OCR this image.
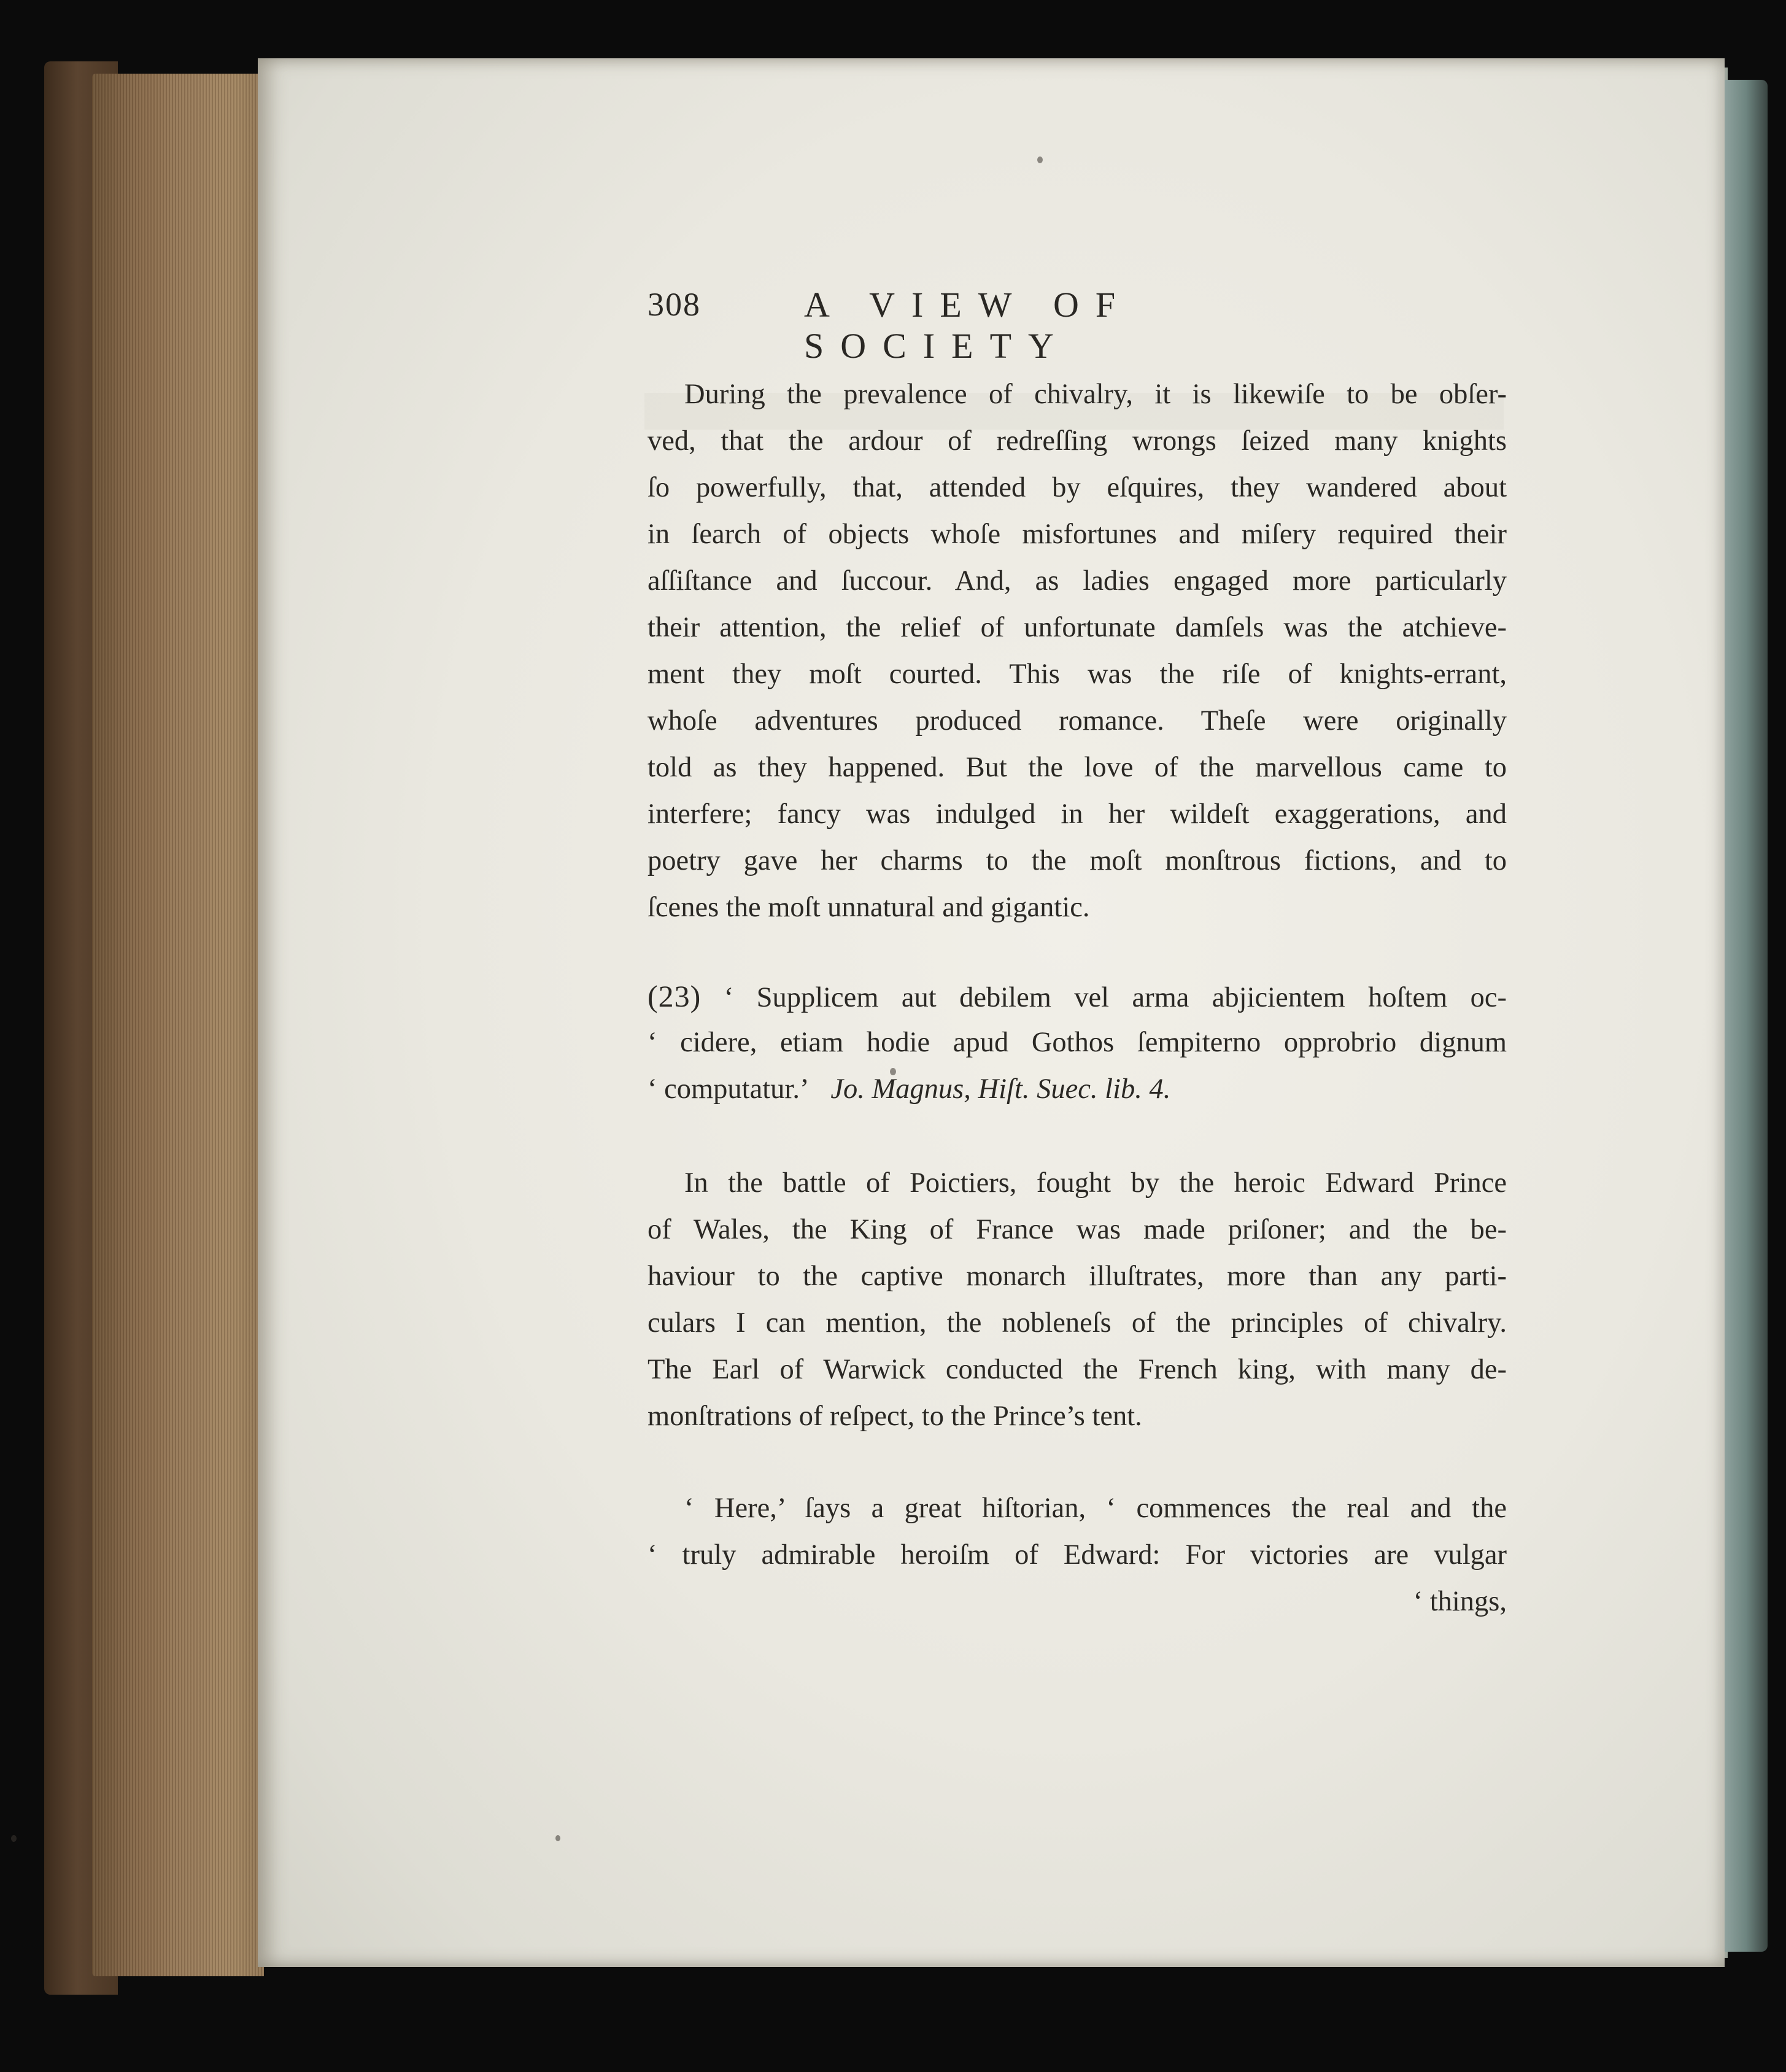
308	A VIEW OF SOCIETY
During the prevalence of chivalry, it is likewiſe to be obſer-
ved, that the ardour of redreſſing wrongs ſeized many knights
ſo powerfully, that, attended by eſquires, they wandered about
in ſearch of objects whoſe misfortunes and miſery required their
aſſiſtance and ſuccour. And, as ladies engaged more particularly
their attention, the relief of unfortunate damſels was the atchieve-
ment they moſt courted. This was the riſe of knights-errant,
whoſe adventures produced romance. Theſe were originally
told as they happened. But the love of the marvellous came to
interfere; fancy was indulged in her wildeſt exaggerations, and
poetry gave her charms to the moſt monſtrous fictions, and to
ſcenes the moſt unnatural and gigantic.
(23) ‘ Supplicem aut debilem vel arma abjicientem hoſtem oc-
‘ cidere, etiam hodie apud Gothos ſempiterno opprobrio dignum
‘ computatur.’ Jo. Magnus, Hiſt. Suec. lib. 4.
In the battle of Poictiers, fought by the heroic Edward Prince
of Wales, the King of France was made priſoner; and the be-
haviour to the captive monarch illuſtrates, more than any parti-
culars I can mention, the nobleneſs of the principles of chivalry.
The Earl of Warwick conducted the French king, with many de-
monſtrations of reſpect, to the Prince’s tent.
‘ Here,’ ſays a great hiſtorian, ‘ commences the real and the
‘ truly admirable heroiſm of Edward: For victories are vulgar
‘ things,
